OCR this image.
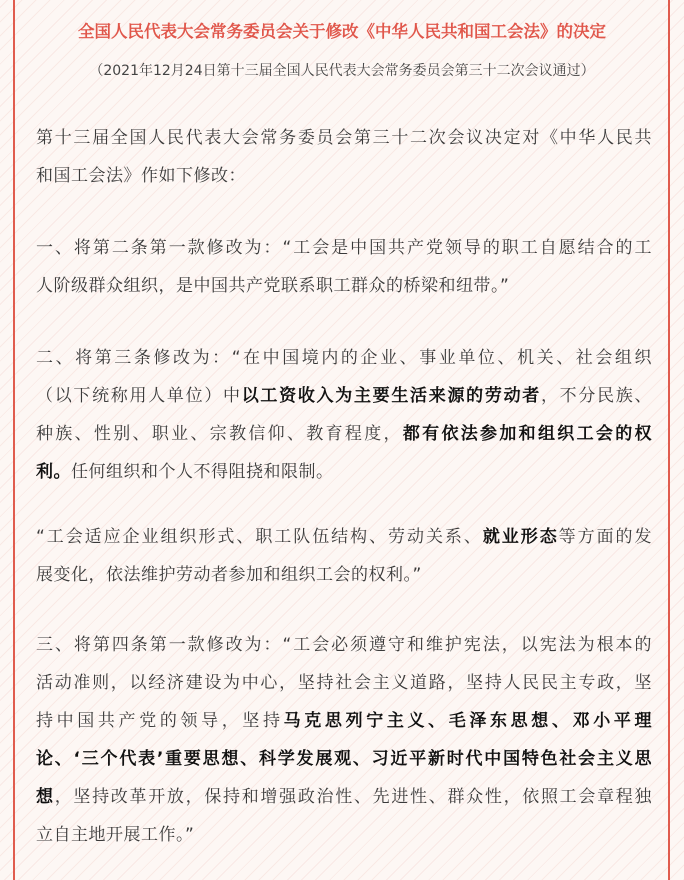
全国人民代表大会常务委员会关于修改《中华人民共和国工会法》的决定
（2021年12月24日第十三届全国人民代表大会常务委员会第三十二次会议通过）
第十三届全国人民代表大会常务委员会第三十二次会议决定对《中华人民共
和国工会法》作如下修改：
一、将第二条第一款修改为：“工会是中国共产党领导的职工自愿结合的工
人阶级群众组织，是中国共产党联系职工群众的桥梁和纽带。”
二、将第三条修改为：“在中国境内的企业、事业单位、机关、社会组织
（以下统称用人单位）中以工资收入为主要生活来源的劳动者，不分民族、
种族、性别、职业、宗教信仰、教育程度，都有依法参加和组织工会的权
利。任何组织和个人不得阻挠和限制。
“工会适应企业组织形式、职工队伍结构、劳动关系、就业形态等方面的发
展变化，依法维护劳动者参加和组织工会的权利。”
三、将第四条第一款修改为：“工会必须遵守和维护宪法，以宪法为根本的
活动准则，以经济建设为中心，坚持社会主义道路，坚持人民民主专政，坚
持中国共产党的领导，坚持马克思列宁主义、毛泽东思想、邓小平理
论、‘三个代表’重要思想、科学发展观、习近平新时代中国特色社会主义思
想，坚持改革开放，保持和增强政治性、先进性、群众性，依照工会章程独
立自主地开展工作。”
